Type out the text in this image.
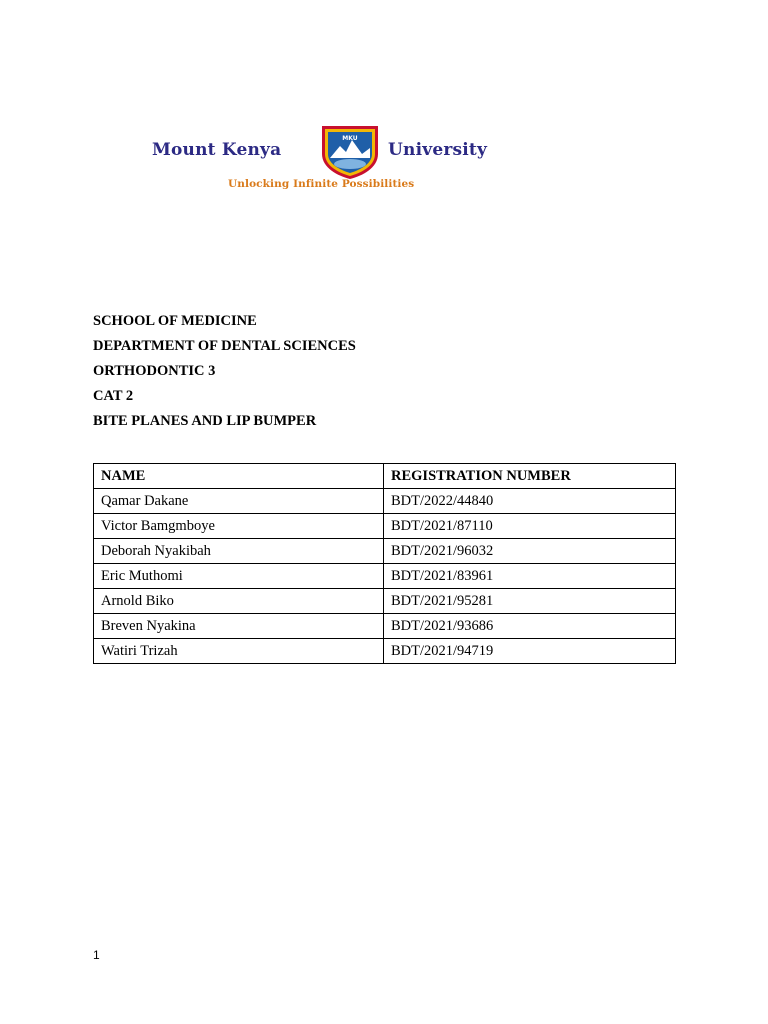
Mount Kenya
MKU
University
Unlocking Infinite Possibilities

SCHOOL OF MEDICINE

DEPARTMENT OF DENTAL SCIENCES

ORTHODONTIC 3

CAT 2

BITE PLANES AND LIP BUMPER

NAME	REGISTRATION NUMBER
Qamar Dakane	BDT/2022/44840
Victor Bamgmboye	BDT/2021/87110
Deborah Nyakibah	BDT/2021/96032
Eric Muthomi	BDT/2021/83961
Arnold Biko	BDT/2021/95281
Breven Nyakina	BDT/2021/93686
Watiri Trizah	BDT/2021/94719
1
